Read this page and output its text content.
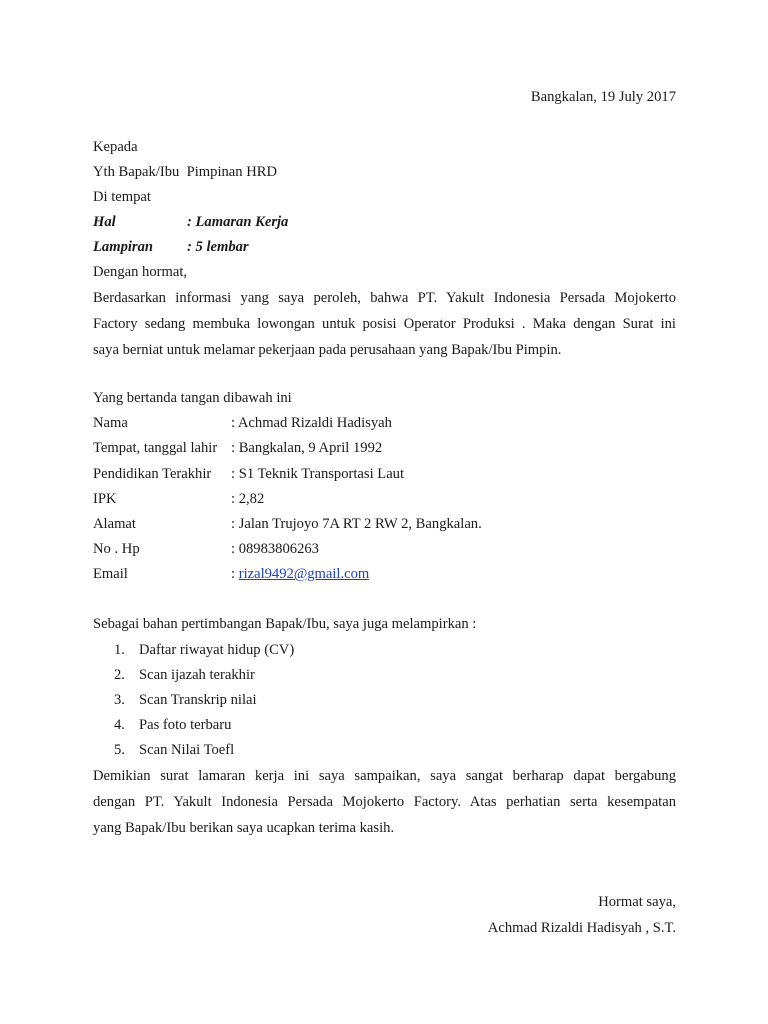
Bangkalan, 19 July 2017
Kepada
Yth Bapak/Ibu  Pimpinan HRD
Di tempat
Hal	: Lamaran Kerja
Lampiran : 5 lembar
Dengan hormat,
Berdasarkan informasi yang saya peroleh, bahwa PT. Yakult Indonesia Persada Mojokerto
Factory sedang membuka lowongan untuk posisi Operator Produksi . Maka dengan Surat ini
saya berniat untuk melamar pekerjaan pada perusahaan yang Bapak/Ibu Pimpin.
Yang bertanda tangan dibawah ini
Nama	: Achmad Rizaldi Hadisyah
Tempat, tanggal lahir : Bangkalan, 9 April 1992
Pendidikan Terakhir : S1 Teknik Transportasi Laut
IPK	: 2,82
Alamat	: Jalan Trujoyo 7A RT 2 RW 2, Bangkalan.
No . Hp	: 08983806263
Email	: rizal9492@gmail.com
Sebagai bahan pertimbangan Bapak/Ibu, saya juga melampirkan :
1. Daftar riwayat hidup (CV)
2. Scan ijazah terakhir
3. Scan Transkrip nilai
4. Pas foto terbaru
5. Scan Nilai Toefl
Demikian surat lamaran kerja ini saya sampaikan, saya sangat berharap dapat bergabung
dengan PT. Yakult Indonesia Persada Mojokerto Factory. Atas perhatian serta kesempatan
yang Bapak/Ibu berikan saya ucapkan terima kasih.
Hormat saya,
Achmad Rizaldi Hadisyah , S.T.
